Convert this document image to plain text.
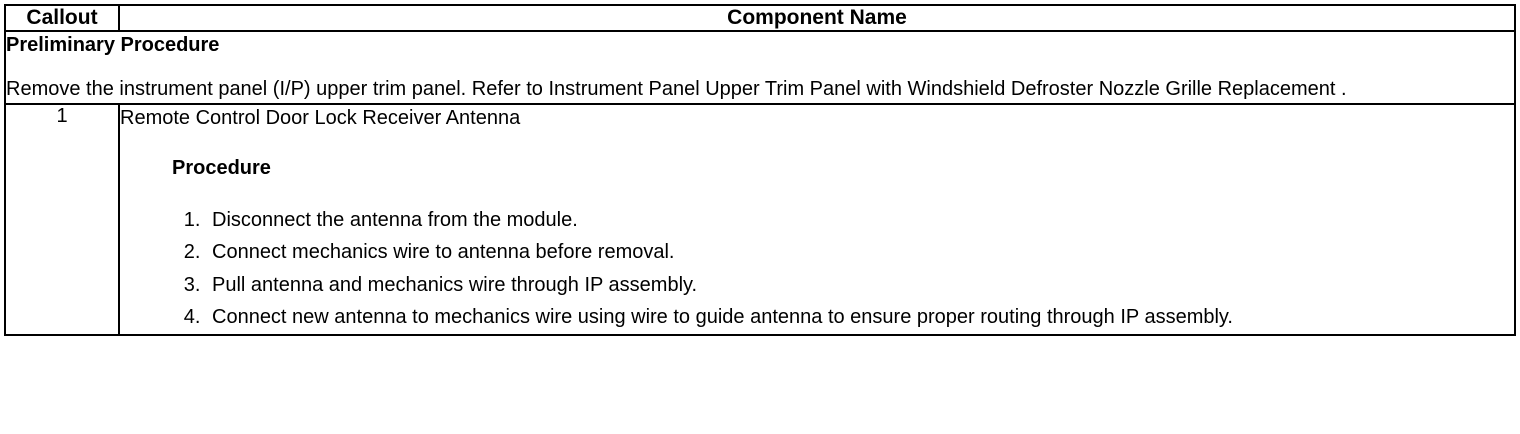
Callout	Component Name

Preliminary Procedure
Remove the instrument panel (I/P) upper trim panel. Refer to Instrument Panel Upper Trim Panel with Windshield Defroster Nozzle Grille Replacement .	

1	Remote Control Door Lock Receiver Antenna
Procedure
1. Disconnect the antenna from the module.
2. Connect mechanics wire to antenna before removal.
3. Pull antenna and mechanics wire through IP assembly.
4. Connect new antenna to mechanics wire using wire to guide antenna to ensure proper routing through IP assembly.
